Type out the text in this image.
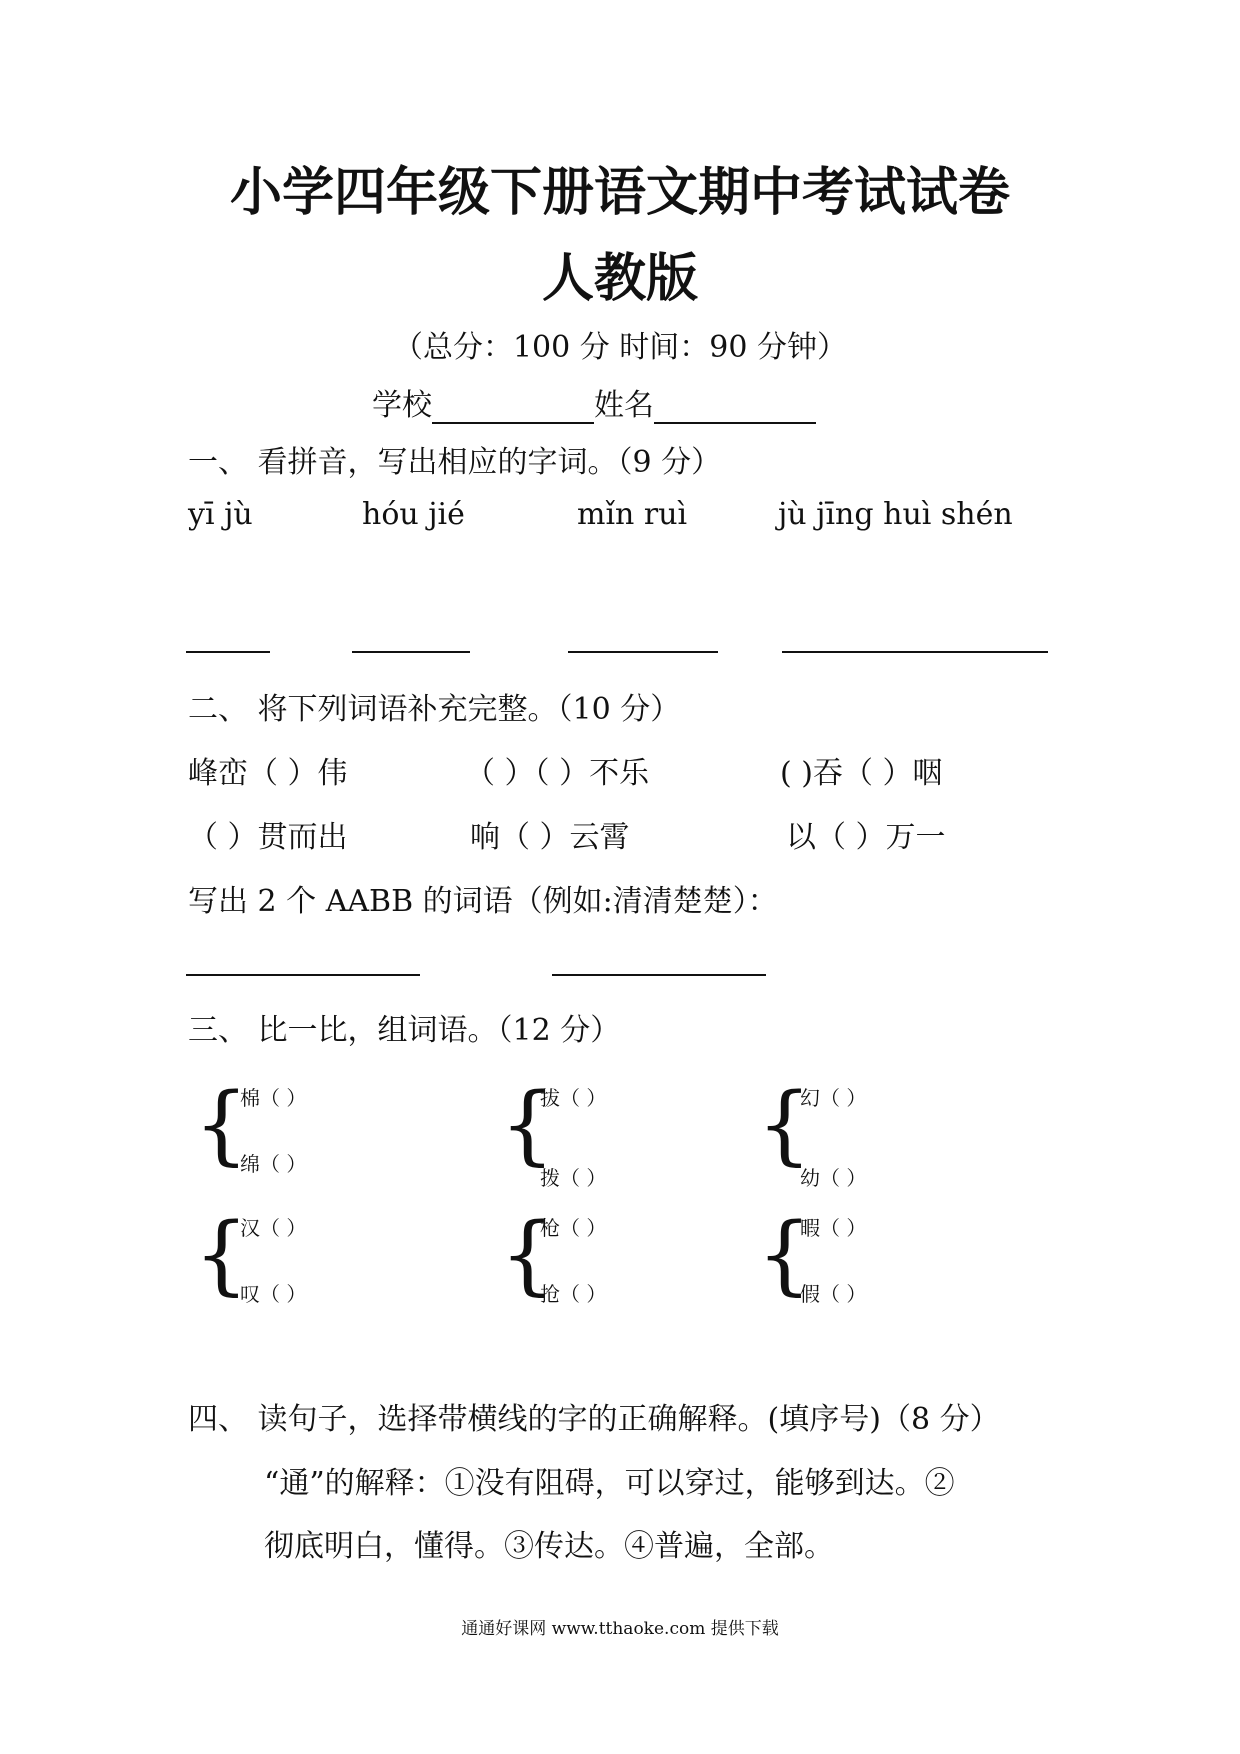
小学四年级下册语文期中考试试卷
人教版
（总分：100 分 时间：90 分钟）
学校	姓名
一、 看拼音，写出相应的字词。（9 分）
yī jù	hóu jié	mǐn ruì	jù jīng huì shén
二、 将下列词语补充完整。（10 分）
峰峦（ ）伟	（ ）（ ）不乐	( )吞（ ）咽
（ ）贯而出	响（ ）云霄	以（ ）万一
写出 2 个 AABB 的词语（例如:清清楚楚）：
三、 比一比，组词语。（12 分）
{
棉（ ）
绵（ ） {
拔（ ）
拨（ ）
{
幻（ ）
幼（ ）
{
汉（ ）
叹（ ） {
枪（ ）
抢（ ） {
暇（ ）
假（ ）
四、 读句子，选择带横线的字的正确解释。(填序号)（8 分）
“通”的解释：①没有阻碍，可以穿过，能够到达。②
彻底明白，懂得。③传达。④普遍，全部。
通通好课网 www.tthaoke.com 提供下载
